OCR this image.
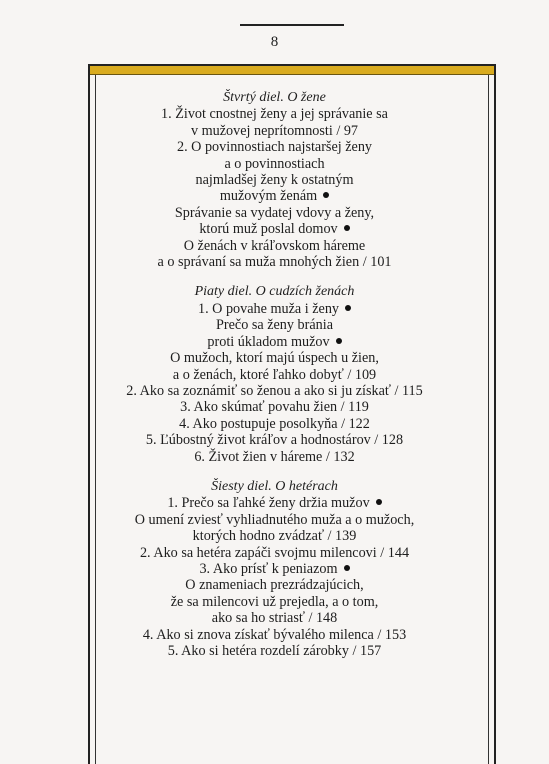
8
Štvrtý diel. O žene
1. Život cnostnej ženy a jej správanie sa
v mužovej neprítomnosti / 97
2. O povinnostiach najstaršej ženy
a o povinnostiach
najmladšej ženy k ostatným
mužovým ženám
Správanie sa vydatej vdovy a ženy,
ktorú muž poslal domov
O ženách v kráľovskom háreme
a o správaní sa muža mnohých žien / 101
Piaty diel. O cudzích ženách
1. O povahe muža i ženy
Prečo sa ženy bránia
proti úkladom mužov
O mužoch, ktorí majú úspech u žien,
a o ženách, ktoré ľahko dobyť / 109
2. Ako sa zoznámiť so ženou a ako si ju získať / 115
3. Ako skúmať povahu žien / 119
4. Ako postupuje posolkyňa / 122
5. Ľúbostný život kráľov a hodnostárov / 128
6. Život žien v háreme / 132
Šiesty diel. O hetérach
1. Prečo sa ľahké ženy držia mužov
O umení zviesť vyhliadnutého muža a o mužoch,
ktorých hodno zvádzať / 139
2. Ako sa hetéra zapáči svojmu milencovi / 144
3. Ako prísť k peniazom
O znameniach prezrádzajúcich,
že sa milencovi už prejedla, a o tom,
ako sa ho striasť / 148
4. Ako si znova získať bývalého milenca / 153
5. Ako si hetéra rozdelí zárobky / 157
